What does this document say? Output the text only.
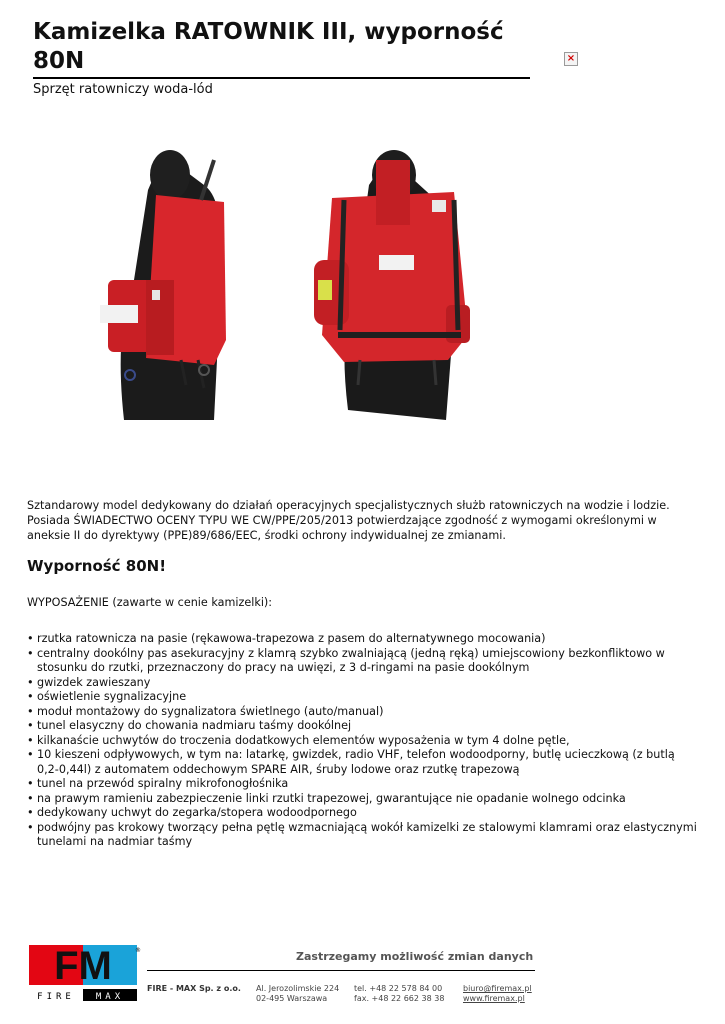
Kamizelka RATOWNIK III, wyporność 80N	×
Sprzęt ratowniczy woda-lód

Sztandarowy model dedykowany do działań operacyjnych specjalistycznych służb ratowniczych na wodzie i lodzie.

Posiada ŚWIADECTWO OCENY TYPU WE CW/PPE/205/2013 potwierdzające zgodność z wymogami określonymi w aneksie II do dyrektywy (PPE)89/686/EEC, środki ochrony indywidualnej ze zmianami.

Wyporność 80N!
WYPOSAŻENIE (zawarte w cenie kamizelki):
• rzutka ratownicza na pasie (rękawowa-trapezowa z pasem do alternatywnego mocowania)
• centralny dookólny pas asekuracyjny z klamrą szybko zwalniającą (jedną ręką) umiejscowiony bezkonfliktowo w stosunku do rzutki, przeznaczony do pracy na uwięzi, z 3 d-ringami na pasie dookólnym
• gwizdek zawieszany
• oświetlenie sygnalizacyjne
• moduł montażowy do sygnalizatora świetlnego (auto/manual)
• tunel elasyczny do chowania nadmiaru taśmy dookólnej
• kilkanaście uchwytów do troczenia dodatkowych elementów wyposażenia w tym 4 dolne pętle,
• 10 kieszeni odpływowych, w tym na: latarkę, gwizdek, radio VHF, telefon wodoodporny, butlę ucieczkową (z butlą 0,2-0,44l) z automatem oddechowym SPARE AIR, śruby lodowe oraz rzutkę trapezową
• tunel na przewód spiralny mikrofonogłośnika
• na prawym ramieniu zabezpieczenie linki rzutki trapezowej, gwarantujące nie opadanie wolnego odcinka
• dedykowany uchwyt do zegarka/stopera wodoodpornego
• podwójny pas krokowy tworzący pełna pętlę wzmacniającą wokół kamizelki ze stalowymi klamrami oraz elastycznymi tunelami na nadmiar taśmy
Zastrzegamy możliwość zmian danych
FIRE - MAX Sp. z o.o. Al. Jerozolimskie 224
02-495 Warszawa
tel. +48 22 578 84 00
fax. +48 22 662 38 38
biuro@firemax.pl
www.firemax.pl
FM
FIRE MAX
®
